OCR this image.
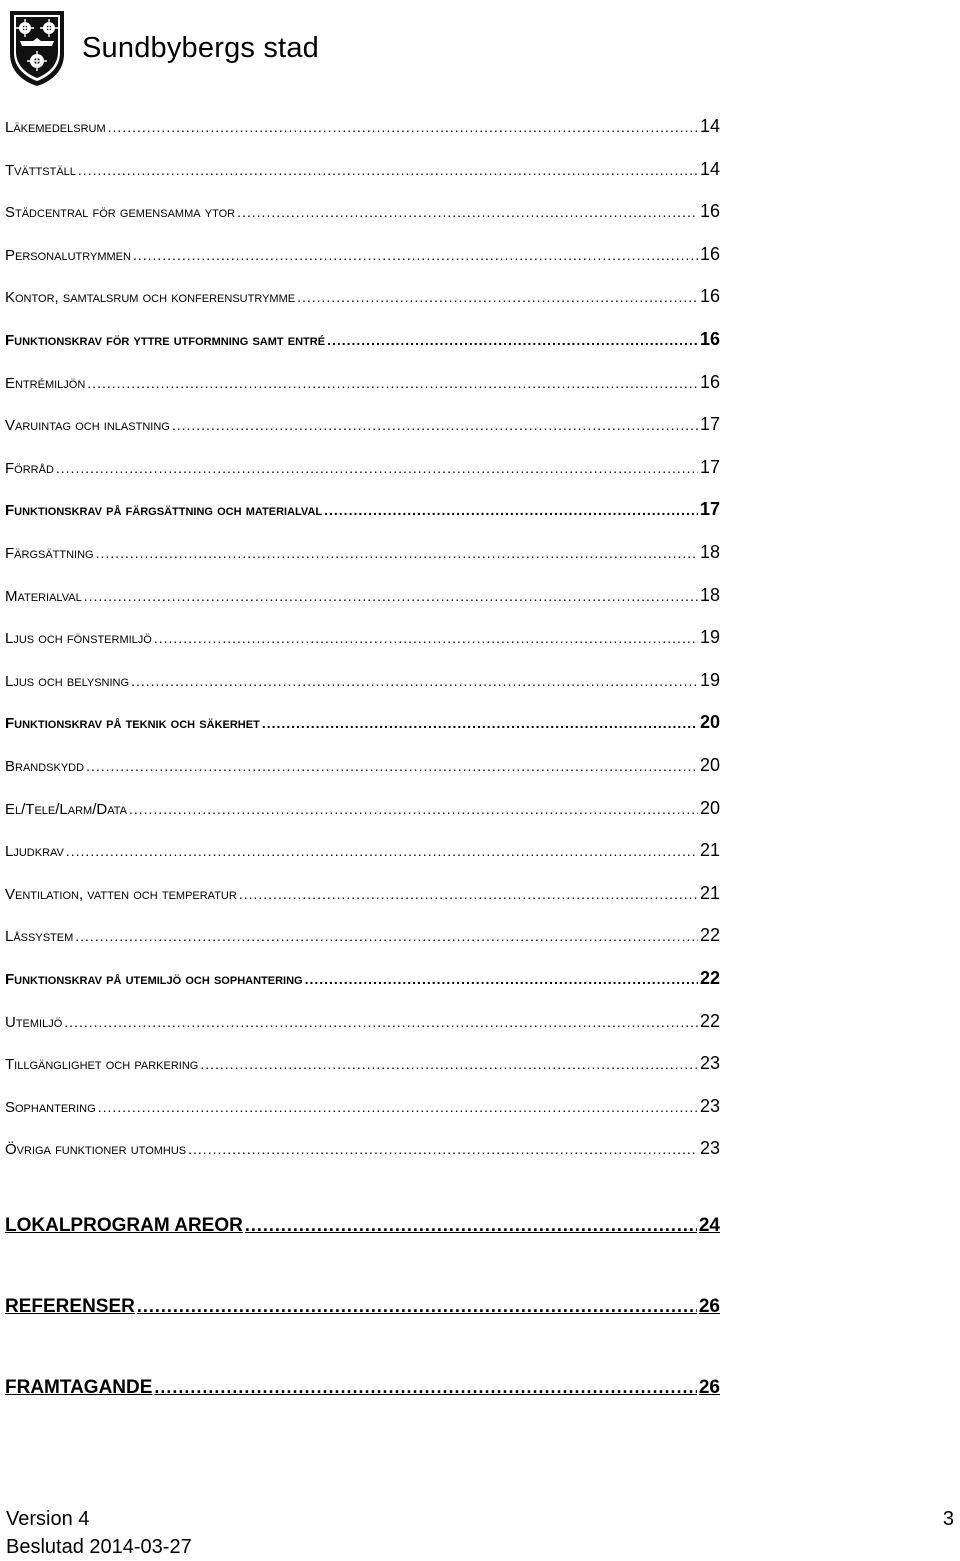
Sundbybergs stad
Läkemedelsrum .....	14
Tvättställ .....	14
Städcentral för gemensamma ytor .....	16
Personalutrymmen .....	16
Kontor, samtalsrum och konferensutrymme .....	16
Funktionskrav för yttre utformning samt entré .....	16
Entrémiljön .....	16
Varuintag och inlastning .....	17
Förråd .....	17
Funktionskrav på färgsättning och materialval .....	17
Färgsättning .....	18
Materialval .....	18
Ljus och fönstermiljö .....	19
Ljus och belysning .....	19
Funktionskrav på teknik och säkerhet .....	20
Brandskydd .....	20
El/Tele/Larm/Data .....	20
Ljudkrav .....	21
Ventilation, vatten och temperatur .....	21
Låssystem .....	22
Funktionskrav på utemiljö och sophantering .....	22
Utemiljö .....	22
Tillgänglighet och parkering .....	23
Sophantering .....	23
Övriga funktioner utomhus .....	23
LOKALPROGRAM AREOR .....	24
REFERENSER .....	26
FRAMTAGANDE .....	26
Version 4
Beslutad 2014-03-27
3
